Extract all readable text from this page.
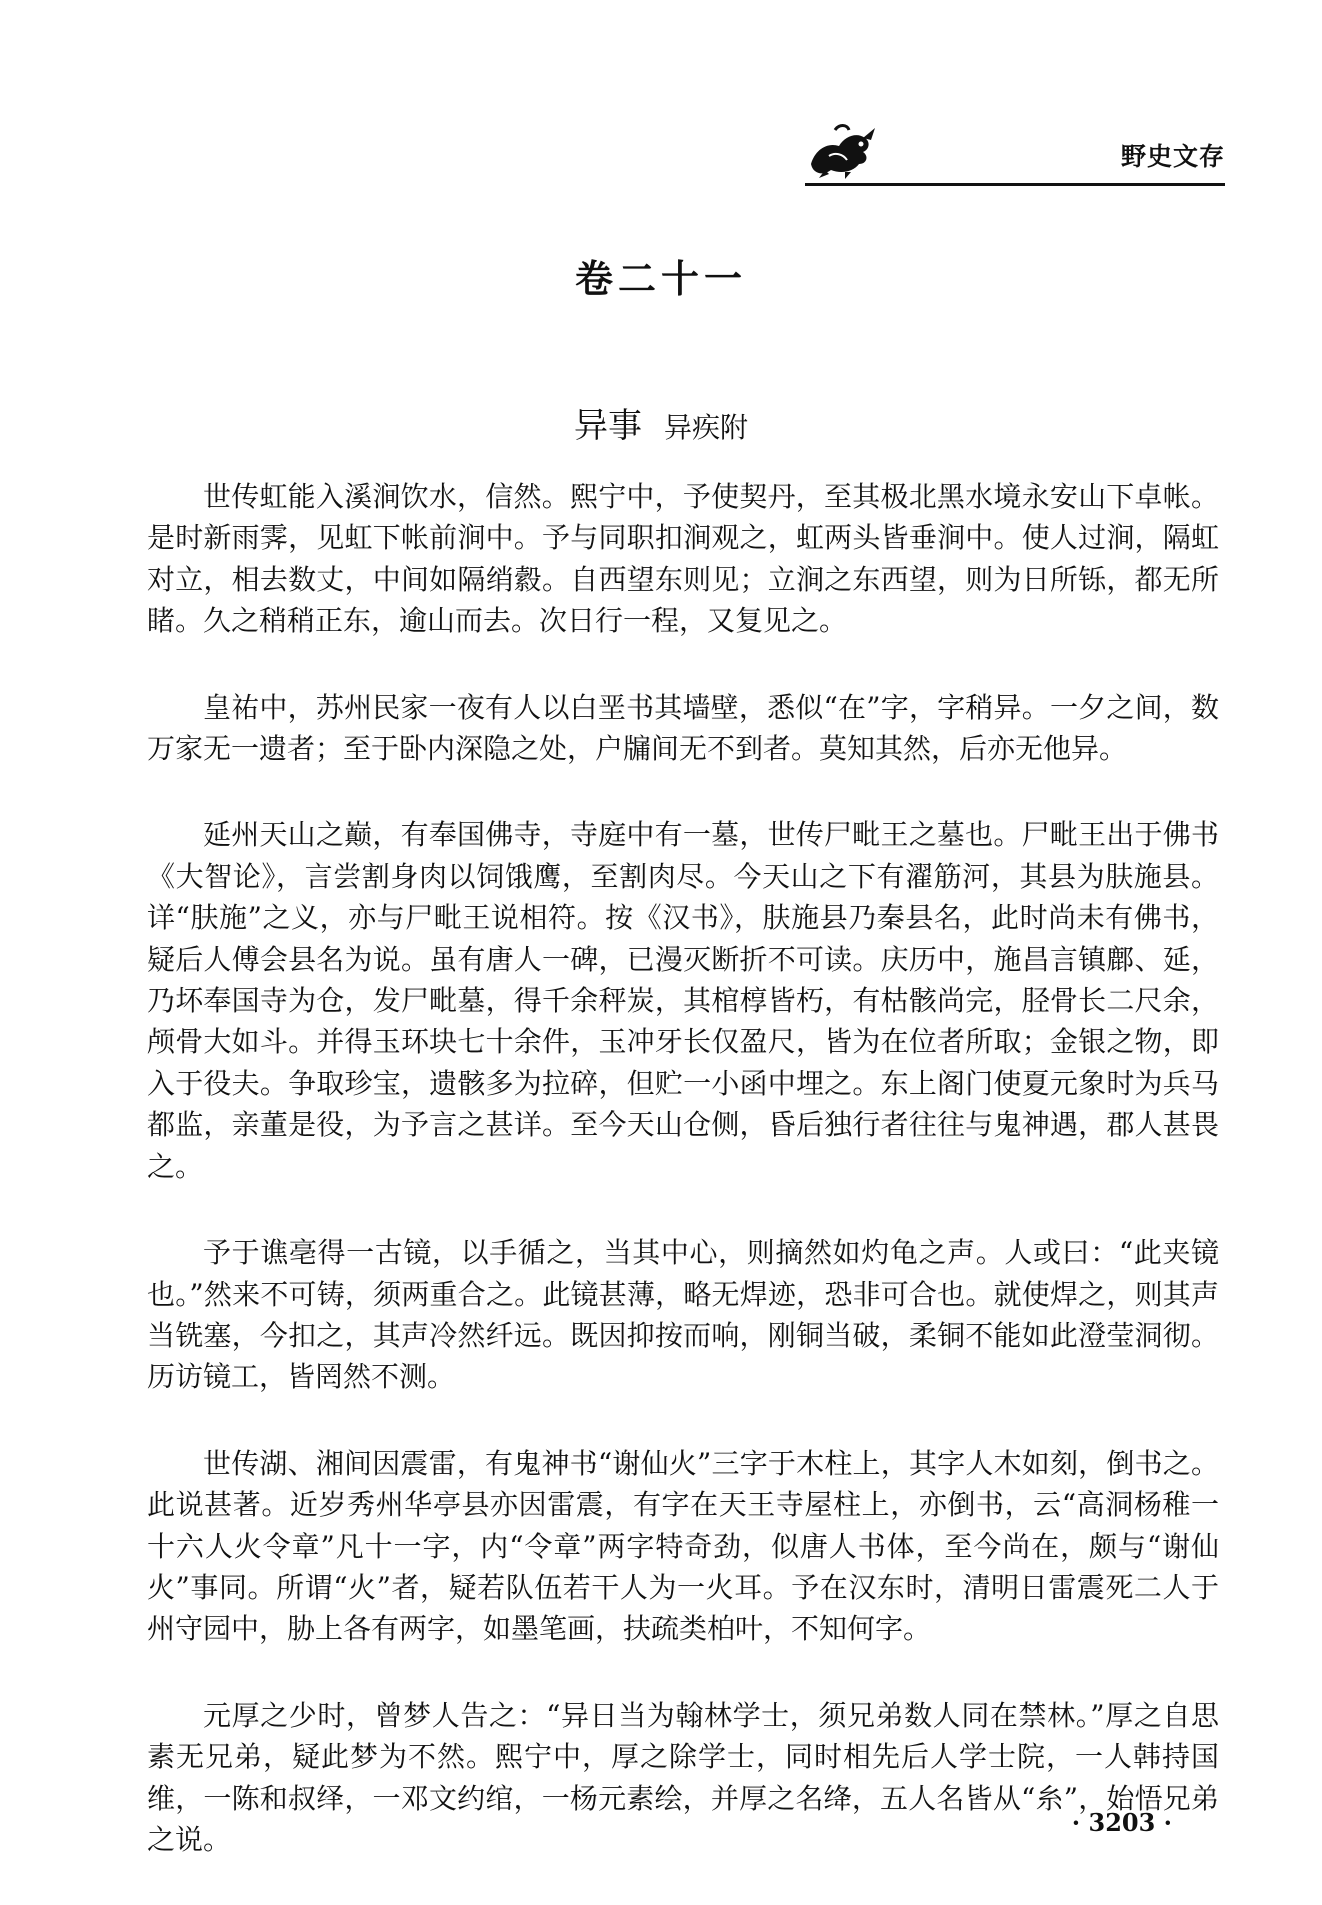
野史文存
卷二十一
异事 异疾附

世传虹能入溪涧饮水，信然。熙宁中，予使契丹，至其极北黑水境永安山下卓帐。是时新雨霁，见虹下帐前涧中。予与同职扣涧观之，虹两头皆垂涧中。使人过涧，隔虹对立，相去数丈，中间如隔绡縠。自西望东则见；立涧之东西望，则为日所铄，都无所睹。久之稍稍正东，逾山而去。次日行一程，又复见之。

皇祐中，苏州民家一夜有人以白垩书其墙壁，悉似“在”字，字稍异。一夕之间，数万家无一遗者；至于卧内深隐之处，户牖间无不到者。莫知其然，后亦无他异。

延州天山之巅，有奉国佛寺，寺庭中有一墓，世传尸毗王之墓也。尸毗王出于佛书《大智论》，言尝割身肉以饲饿鹰，至割肉尽。今天山之下有濯筋河，其县为肤施县。详“肤施”之义，亦与尸毗王说相符。按《汉书》，肤施县乃秦县名，此时尚未有佛书，疑后人傅会县名为说。虽有唐人一碑，已漫灭断折不可读。庆历中，施昌言镇鄜、延，乃坏奉国寺为仓，发尸毗墓，得千余秤炭，其棺椁皆朽，有枯骸尚完，胫骨长二尺余，颅骨大如斗。并得玉环块七十余件，玉冲牙长仅盈尺，皆为在位者所取；金银之物，即入于役夫。争取珍宝，遗骸多为拉碎，但贮一小函中埋之。东上阁门使夏元象时为兵马都监，亲董是役，为予言之甚详。至今天山仓侧，昏后独行者往往与鬼神遇，郡人甚畏之。

予于谯亳得一古镜，以手循之，当其中心，则摘然如灼龟之声。人或曰：“此夹镜也。”然来不可铸，须两重合之。此镜甚薄，略无焊迹，恐非可合也。就使焊之，则其声当铣塞，今扣之，其声冷然纤远。既因抑按而响，刚铜当破，柔铜不能如此澄莹洞彻。历访镜工，皆罔然不测。

世传湖、湘间因震雷，有鬼神书“谢仙火”三字于木柱上，其字人木如刻，倒书之。此说甚著。近岁秀州华亭县亦因雷震，有字在天王寺屋柱上，亦倒书，云“高洞杨稚一十六人火令章”凡十一字，内“令章”两字特奇劲，似唐人书体，至今尚在，颇与“谢仙火”事同。所谓“火”者，疑若队伍若干人为一火耳。予在汉东时，清明日雷震死二人于州守园中，胁上各有两字，如墨笔画，扶疏类柏叶，不知何字。

元厚之少时，曾梦人告之：“异日当为翰林学士，须兄弟数人同在禁林。”厚之自思素无兄弟，疑此梦为不然。熙宁中，厚之除学士，同时相先后人学士院，一人韩持国维，一陈和叔绎，一邓文约绾，一杨元素绘，并厚之名绛，五人名皆从“糸”，始悟兄弟之说。

· 3203 ·
